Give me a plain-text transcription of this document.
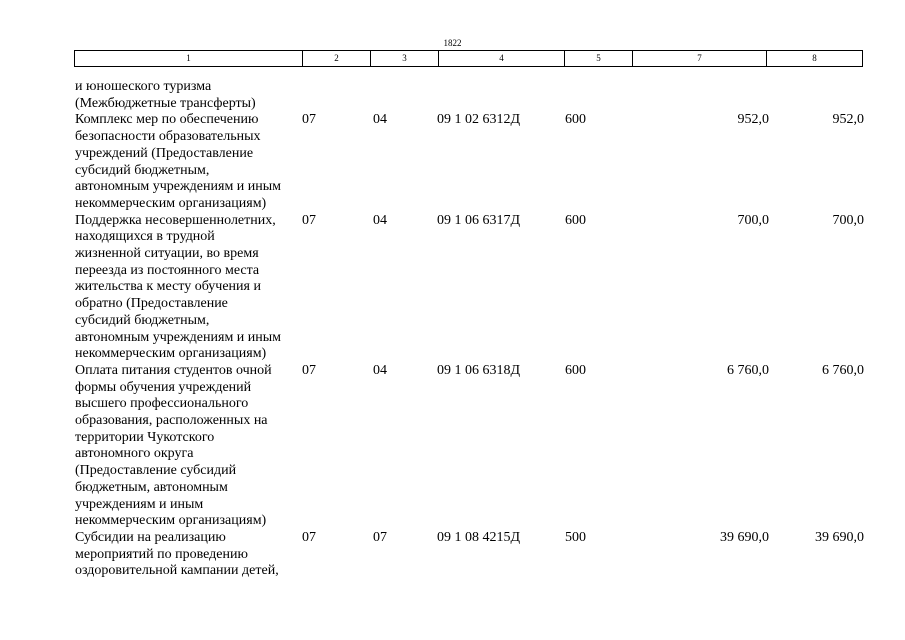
1822
1	2	3	4	5	7	8
и юношеского туризма
(Межбюджетные трансферты)
Комплекс мер по обеспечению
безопасности образовательных
учреждений (Предоставление
субсидий бюджетным,
автономным учреждениям и иным
некоммерческим организациям)
07	04	09 1 02 6312Д	600	952,0	952,0
Поддержка несовершеннолетних,
находящихся в трудной
жизненной ситуации, во время
переезда из постоянного места
жительства к месту обучения и
обратно (Предоставление
субсидий бюджетным,
автономным учреждениям и иным
некоммерческим организациям)
07	04	09 1 06 6317Д	600	700,0	700,0
Оплата питания студентов очной
формы обучения учреждений
высшего профессионального
образования, расположенных на
территории Чукотского
автономного округа
(Предоставление субсидий
бюджетным, автономным
учреждениям и иным
некоммерческим организациям)
07	04	09 1 06 6318Д	600	6 760,0	6 760,0
Субсидии на реализацию
мероприятий по проведению
оздоровительной кампании детей,
07	07	09 1 08 4215Д	500	39 690,0	39 690,0
